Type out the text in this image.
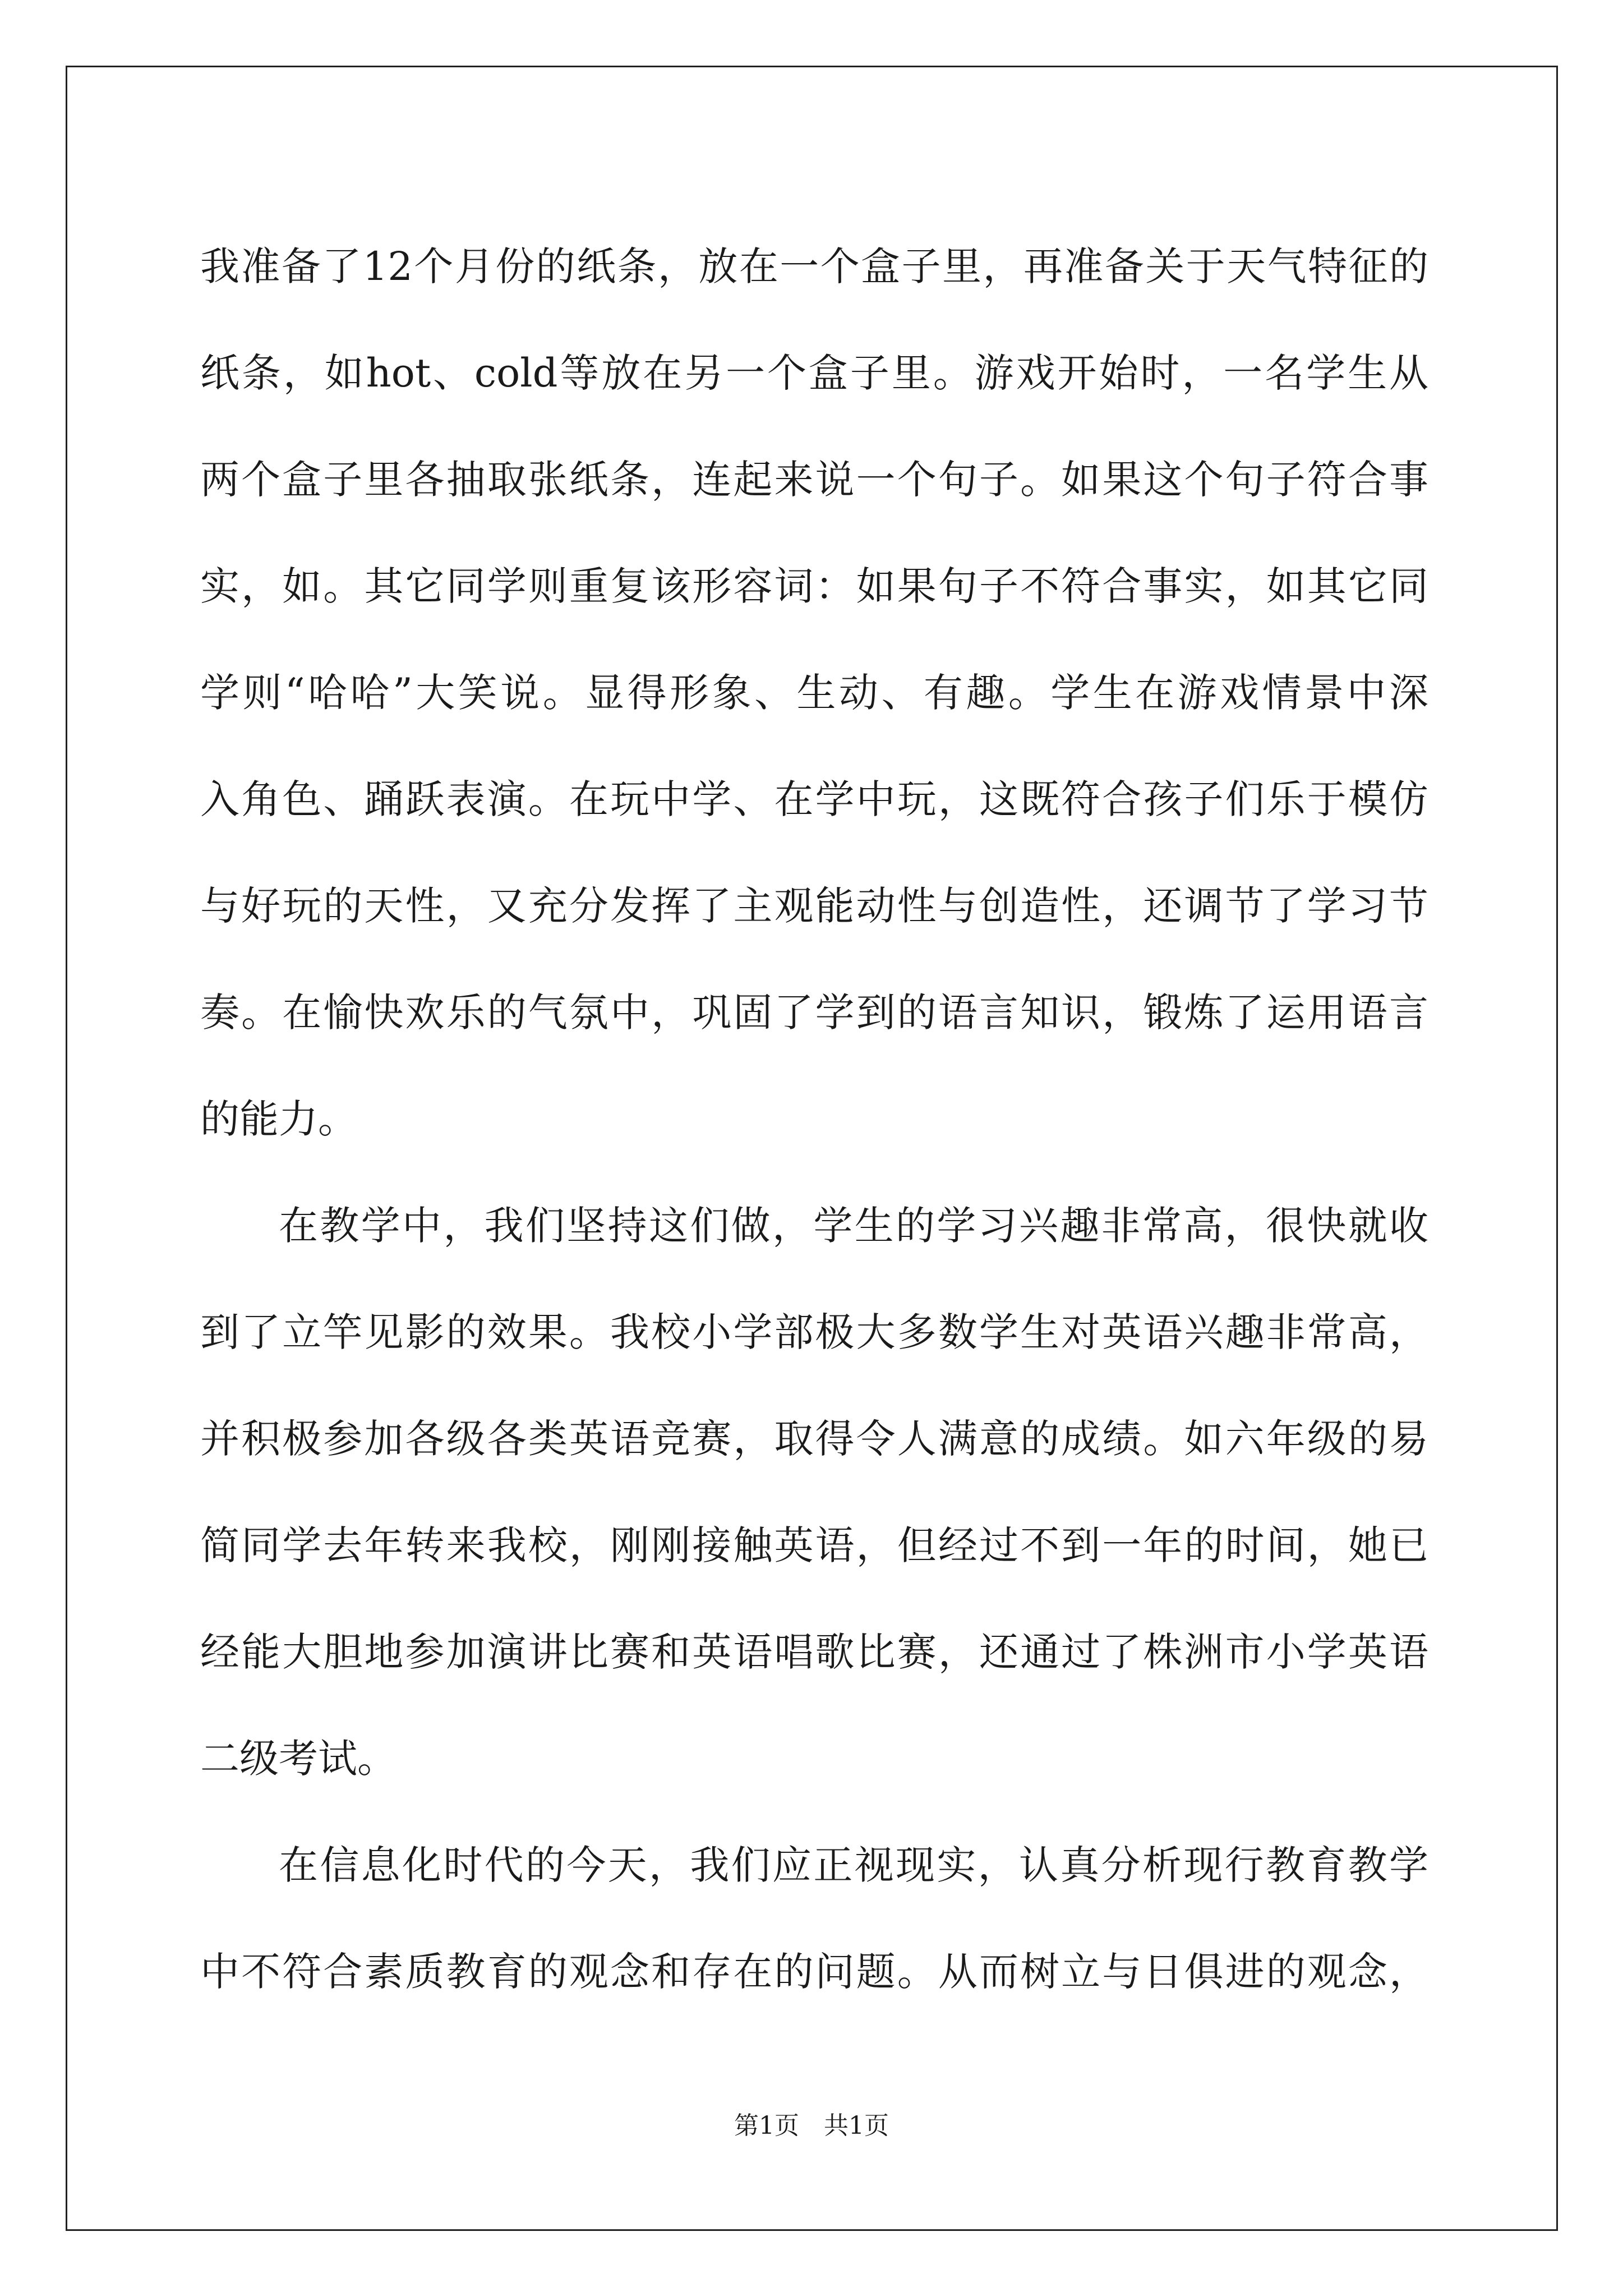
我准备了12个月份的纸条，放在一个盒子里，再准备关于天气特征的
纸条，如hot、cold等放在另一个盒子里。游戏开始时，一名学生从
两个盒子里各抽取张纸条，连起来说一个句子。如果这个句子符合事
实，如。其它同学则重复该形容词：如果句子不符合事实，如其它同
学则“哈哈”大笑说。显得形象、生动、有趣。学生在游戏情景中深
入角色、踊跃表演。在玩中学、在学中玩，这既符合孩子们乐于模仿
与好玩的天性，又充分发挥了主观能动性与创造性，还调节了学习节
奏。在愉快欢乐的气氛中，巩固了学到的语言知识，锻炼了运用语言
的能力。
在教学中，我们坚持这们做，学生的学习兴趣非常高，很快就收
到了立竿见影的效果。我校小学部极大多数学生对英语兴趣非常高，
并积极参加各级各类英语竞赛，取得令人满意的成绩。如六年级的易
简同学去年转来我校，刚刚接触英语，但经过不到一年的时间，她已
经能大胆地参加演讲比赛和英语唱歌比赛，还通过了株洲市小学英语
二级考试。
在信息化时代的今天，我们应正视现实，认真分析现行教育教学
中不符合素质教育的观念和存在的问题。从而树立与日俱进的观念，
第1页　共1页
